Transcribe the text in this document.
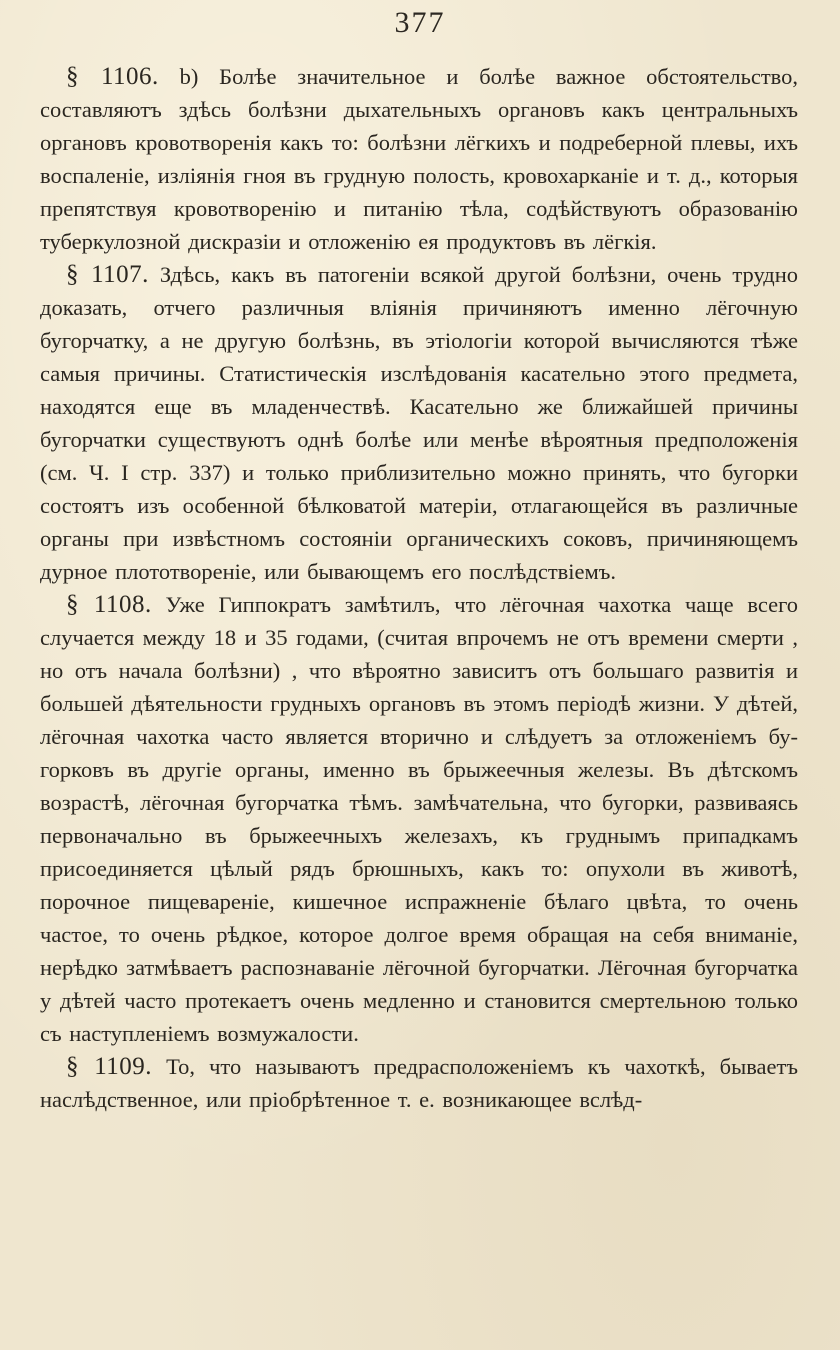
377

§ 1106. b) Болѣе значительное и болѣе важное обстоятельство, составляютъ здѣсь болѣзни дыхательныхъ органовъ какъ центральныхъ органовъ кровотворенія какъ то: болѣзни лёгкихъ и подреберной плевы, ихъ воспаленіе, изліянія гноя въ грудную полость, кровохарканіе и т. д., которыя препятствуя кровотворенію и питанію тѣла, содѣйствуютъ образованію туберкулозной дискразіи и отложенію ея продуктовъ въ лёгкія.

§ 1107. Здѣсь, какъ въ патогеніи всякой другой болѣзни, очень трудно доказать, отчего различныя вліянія причиняютъ именно лёгочную бугорчатку, а не другую болѣзнь, въ этіологіи которой вычисляются тѣже самыя причины. Статистическія изслѣдованія касательно этого предмета, находятся еще въ младенчествѣ. Касательно же ближайшей причины бугорчатки существуютъ однѣ болѣе или менѣе вѣроятныя предположенія (см. Ч. I стр. 337) и только приблизительно можно принять, что бугорки состоятъ изъ особенной бѣлковатой матеріи, отлагающейся въ различные органы при извѣстномъ состояніи органическихъ соковъ, причиняющемъ дурное плототвореніе, или бывающемъ его послѣдствіемъ.

§ 1108. Уже Гиппократъ замѣтилъ, что лёгочная чахотка чаще всего случается между 18 и 35 годами, (считая впрочемъ не отъ времени смерти , но отъ начала болѣзни) , что вѣроятно зависитъ отъ большаго развитія и большей дѣятельности грудныхъ органовъ въ этомъ періодѣ жизни. У дѣтей, лёгочная чахотка часто является вторично и слѣдуетъ за отложеніемъ бугорковъ въ другіе органы, именно въ брыжеечныя железы. Въ дѣтскомъ возрастѣ, лёгочная бугорчатка тѣмъ. замѣчательна, что бугорки, развиваясь первоначально въ брыжеечныхъ железахъ, къ груднымъ припадкамъ присоединяется цѣлый рядъ брюшныхъ, какъ то: опухоли въ животѣ, порочное пищевареніе, кишечное испражненіе бѣлаго цвѣта, то очень частое, то очень рѣдкое, которое долгое время обращая на себя вниманіе, нерѣдко затмѣваетъ распознаваніе лёгочной бугорчатки. Лёгочная бугорчатка у дѣтей часто протекаетъ очень медленно и становится смертельною только съ наступленіемъ возмужалости.

§ 1109. То, что называютъ предрасположеніемъ къ чахоткѣ, бываетъ наслѣдственное, или пріобрѣтенное т. е. возникающее вслѣд-
